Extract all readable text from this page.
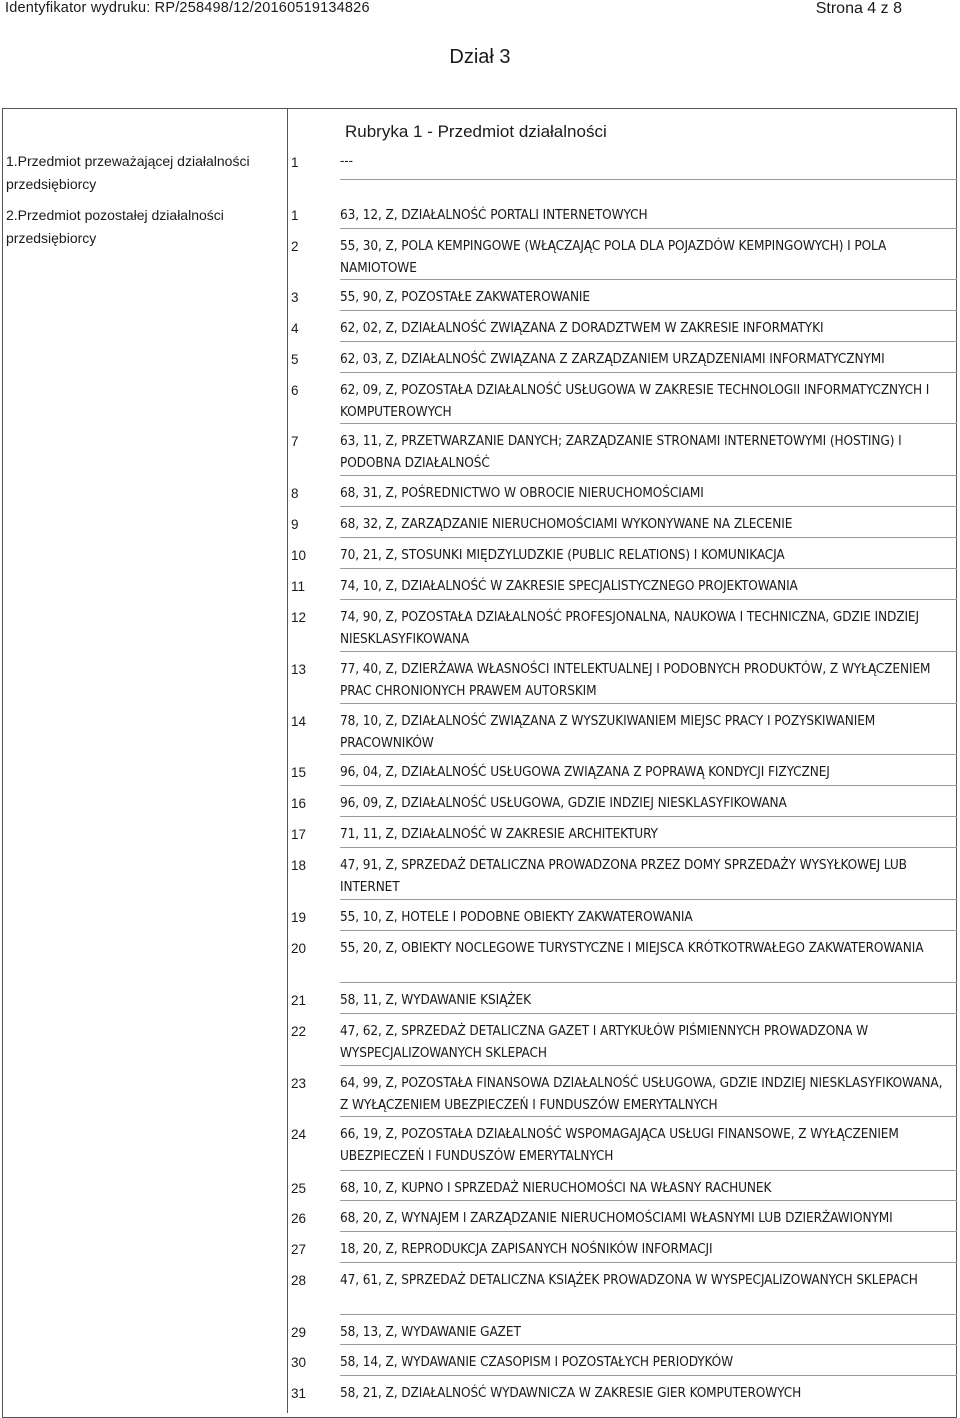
Identyfikator wydruku: RP/258498/12/20160519134826	Strona 4 z 8
Dział 3
Rubryka 1 - Przedmiot działalności
1.Przedmiot przeważającej działalności przedsiębiorcy
1	---
2.Przedmiot pozostałej działalności przedsiębiorcy
1	63, 12, Z, DZIAŁALNOŚĆ PORTALI INTERNETOWYCH
2	55, 30, Z, POLA KEMPINGOWE (WŁĄCZAJĄC POLA DLA POJAZDÓW KEMPINGOWYCH) I POLA NAMIOTOWE
3	55, 90, Z, POZOSTAŁE ZAKWATEROWANIE
4	62, 02, Z, DZIAŁALNOŚĆ ZWIĄZANA Z DORADZTWEM W ZAKRESIE INFORMATYKI
5	62, 03, Z, DZIAŁALNOŚĆ ZWIĄZANA Z ZARZĄDZANIEM URZĄDZENIAMI INFORMATYCZNYMI
6	62, 09, Z, POZOSTAŁA DZIAŁALNOŚĆ USŁUGOWA W ZAKRESIE TECHNOLOGII INFORMATYCZNYCH I KOMPUTEROWYCH
7	63, 11, Z, PRZETWARZANIE DANYCH; ZARZĄDZANIE STRONAMI INTERNETOWYMI (HOSTING) I PODOBNA DZIAŁALNOŚĆ
8	68, 31, Z, POŚREDNICTWO W OBROCIE NIERUCHOMOŚCIAMI
9	68, 32, Z, ZARZĄDZANIE NIERUCHOMOŚCIAMI WYKONYWANE NA ZLECENIE
10	70, 21, Z, STOSUNKI MIĘDZYLUDZKIE (PUBLIC RELATIONS) I KOMUNIKACJA
11	74, 10, Z, DZIAŁALNOŚĆ W ZAKRESIE SPECJALISTYCZNEGO PROJEKTOWANIA
12	74, 90, Z, POZOSTAŁA DZIAŁALNOŚĆ PROFESJONALNA, NAUKOWA I TECHNICZNA, GDZIE INDZIEJ NIESKLASYFIKOWANA
13	77, 40, Z, DZIERŻAWA WŁASNOŚCI INTELEKTUALNEJ I PODOBNYCH PRODUKTÓW, Z WYŁĄCZENIEM PRAC CHRONIONYCH PRAWEM AUTORSKIM
14	78, 10, Z, DZIAŁALNOŚĆ ZWIĄZANA Z WYSZUKIWANIEM MIEJSC PRACY I POZYSKIWANIEM PRACOWNIKÓW
15	96, 04, Z, DZIAŁALNOŚĆ USŁUGOWA ZWIĄZANA Z POPRAWĄ KONDYCJI FIZYCZNEJ
16	96, 09, Z, DZIAŁALNOŚĆ USŁUGOWA, GDZIE INDZIEJ NIESKLASYFIKOWANA
17	71, 11, Z, DZIAŁALNOŚĆ W ZAKRESIE ARCHITEKTURY
18	47, 91, Z, SPRZEDAŻ DETALICZNA PROWADZONA PRZEZ DOMY SPRZEDAŻY WYSYŁKOWEJ LUB INTERNET
19	55, 10, Z, HOTELE I PODOBNE OBIEKTY ZAKWATEROWANIA
20	55, 20, Z, OBIEKTY NOCLEGOWE TURYSTYCZNE I MIEJSCA KRÓTKOTRWAŁEGO ZAKWATEROWANIA
21	58, 11, Z, WYDAWANIE KSIĄŻEK
22	47, 62, Z, SPRZEDAŻ DETALICZNA GAZET I ARTYKUŁÓW PIŚMIENNYCH PROWADZONA W WYSPECJALIZOWANYCH SKLEPACH
23	64, 99, Z, POZOSTAŁA FINANSOWA DZIAŁALNOŚĆ USŁUGOWA, GDZIE INDZIEJ NIESKLASYFIKOWANA, Z WYŁĄCZENIEM UBEZPIECZEŃ I FUNDUSZÓW EMERYTALNYCH
24	66, 19, Z, POZOSTAŁA DZIAŁALNOŚĆ WSPOMAGAJĄCA USŁUGI FINANSOWE, Z WYŁĄCZENIEM UBEZPIECZEŃ I FUNDUSZÓW EMERYTALNYCH
25	68, 10, Z, KUPNO I SPRZEDAŻ NIERUCHOMOŚCI NA WŁASNY RACHUNEK
26	68, 20, Z, WYNAJEM I ZARZĄDZANIE NIERUCHOMOŚCIAMI WŁASNYMI LUB DZIERŻAWIONYMI
27	18, 20, Z, REPRODUKCJA ZAPISANYCH NOŚNIKÓW INFORMACJI
28	47, 61, Z, SPRZEDAŻ DETALICZNA KSIĄŻEK PROWADZONA W WYSPECJALIZOWANYCH SKLEPACH
29	58, 13, Z, WYDAWANIE GAZET
30	58, 14, Z, WYDAWANIE CZASOPISM I POZOSTAŁYCH PERIODYKÓW
31	58, 21, Z, DZIAŁALNOŚĆ WYDAWNICZA W ZAKRESIE GIER KOMPUTEROWYCH
